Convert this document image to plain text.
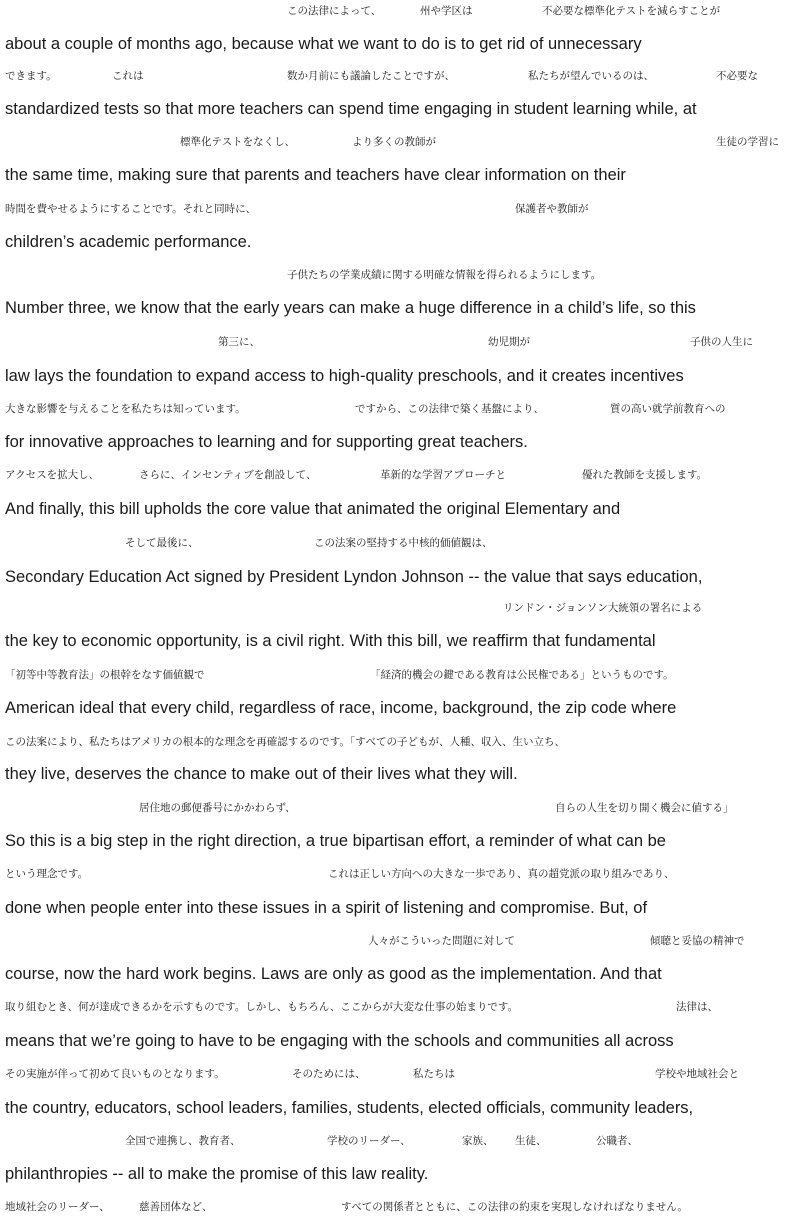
この法律によって、	州や学区は	不必要な標準化テストを減らすことが
about a couple of months ago, because what we want to do is to get rid of unnecessary
できます。	これは	数か月前にも議論したことですが、	私たちが望んでいるのは、	不必要な
standardized tests so that more teachers can spend time engaging in student learning while, at
標準化テストをなくし、	より多くの教師が	生徒の学習に
the same time, making sure that parents and teachers have clear information on their
時間を費やせるようにすることです。それと同時に、	保護者や教師が
children’s academic performance.
子供たちの学業成績に関する明確な情報を得られるようにします。
Number three, we know that the early years can make a huge difference in a child’s life, so this
第三に、	幼児期が	子供の人生に
law lays the foundation to expand access to high-quality preschools, and it creates incentives
大きな影響を与えることを私たちは知っています。	ですから、この法律で築く基盤により、	質の高い就学前教育への
for innovative approaches to learning and for supporting great teachers.
アクセスを拡大し、	さらに、インセンティブを創設して、	革新的な学習アプローチと	優れた教師を支援します。
And finally, this bill upholds the core value that animated the original Elementary and
そして最後に、	この法案の堅持する中核的価値観は、
Secondary Education Act signed by President Lyndon Johnson -- the value that says education,
リンドン・ジョンソン大統領の署名による
the key to economic opportunity, is a civil right. With this bill, we reaffirm that fundamental
「初等中等教育法」の根幹をなす価値観で	「経済的機会の鍵である教育は公民権である」というものです。
American ideal that every child, regardless of race, income, background, the zip code where
この法案により、私たちはアメリカの根本的な理念を再確認するのです。「すべての子どもが、人種、収入、生い立ち、
they live, deserves the chance to make out of their lives what they will.
居住地の郵便番号にかかわらず、	自らの人生を切り開く機会に値する」
So this is a big step in the right direction, a true bipartisan effort, a reminder of what can be
という理念です。	これは正しい方向への大きな一歩であり、真の超党派の取り組みであり、
done when people enter into these issues in a spirit of listening and compromise. But, of
人々がこういった問題に対して	傾聴と妥協の精神で
course, now the hard work begins. Laws are only as good as the implementation. And that
取り組むとき、何が達成できるかを示すものです。しかし、もちろん、ここからが大変な仕事の始まりです。	法律は、
means that we’re going to have to be engaging with the schools and communities all across
その実施が伴って初めて良いものとなります。	そのためには、	私たちは	学校や地域社会と
the country, educators, school leaders, families, students, elected officials, community leaders,
全国で連携し、教育者、	学校のリーダー、	家族、 生徒、	公職者、
philanthropies -- all to make the promise of this law reality.
地域社会のリーダー、	慈善団体など、	すべての関係者とともに、この法律の約束を実現しなければなりません。
